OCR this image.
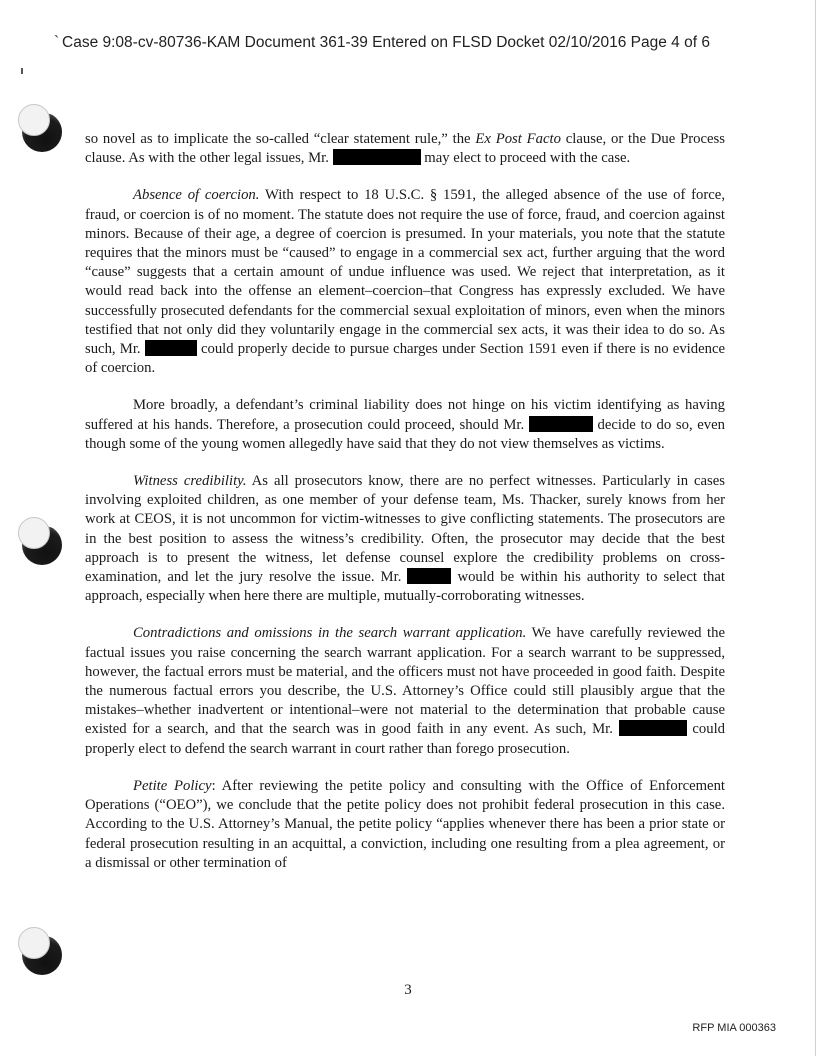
` Case 9:08-cv-80736-KAM Document 361-39 Entered on FLSD Docket 02/10/2016 Page 4 of 6

so novel as to implicate the so-called “clear statement rule,” the Ex Post Facto clause, or the Due Process clause. As with the other legal issues, Mr.	may elect to proceed with the case.

Absence of coercion. With respect to 18 U.S.C. § 1591, the alleged absence of the use of force, fraud, or coercion is of no moment. The statute does not require the use of force, fraud, and coercion against minors. Because of their age, a degree of coercion is presumed. In your materials, you note that the statute requires that the minors must be “caused” to engage in a commercial sex act, further arguing that the word “cause” suggests that a certain amount of undue influence was used. We reject that interpretation, as it would read back into the offense an element–coercion–that Congress has expressly excluded. We have successfully prosecuted defendants for the commercial sexual exploitation of minors, even when the minors testified that not only did they voluntarily engage in the commercial sex acts, it was their idea to do so. As such, Mr.	could properly decide to pursue charges under Section 1591 even if there is no evidence of coercion.

More broadly, a defendant’s criminal liability does not hinge on his victim identifying as having suffered at his hands. Therefore, a prosecution could proceed, should Mr.	decide to do so, even though some of the young women allegedly have said that they do not view themselves as victims.

Witness credibility. As all prosecutors know, there are no perfect witnesses. Particularly in cases involving exploited children, as one member of your defense team, Ms. Thacker, surely knows from her work at CEOS, it is not uncommon for victim-witnesses to give conflicting statements. The prosecutors are in the best position to assess the witness’s credibility. Often, the prosecutor may decide that the best approach is to present the witness, let defense counsel explore the credibility problems on cross-examination, and let the jury resolve the issue. Mr.	would be within his authority to select that approach, especially when here there are multiple, mutually-corroborating witnesses.

Contradictions and omissions in the search warrant application. We have carefully reviewed the factual issues you raise concerning the search warrant application. For a search warrant to be suppressed, however, the factual errors must be material, and the officers must not have proceeded in good faith. Despite the numerous factual errors you describe, the U.S. Attorney’s Office could still plausibly argue that the mistakes–whether inadvertent or intentional–were not material to the determination that probable cause existed for a search, and that the search was in good faith in any event. As such, Mr.	could properly elect to defend the search warrant in court rather than forego prosecution.

Petite Policy: After reviewing the petite policy and consulting with the Office of Enforcement Operations (“OEO”), we conclude that the petite policy does not prohibit federal prosecution in this case. According to the U.S. Attorney’s Manual, the petite policy “applies whenever there has been a prior state or federal prosecution resulting in an acquittal, a conviction, including one resulting from a plea agreement, or a dismissal or other termination of

3
RFP MIA 000363
